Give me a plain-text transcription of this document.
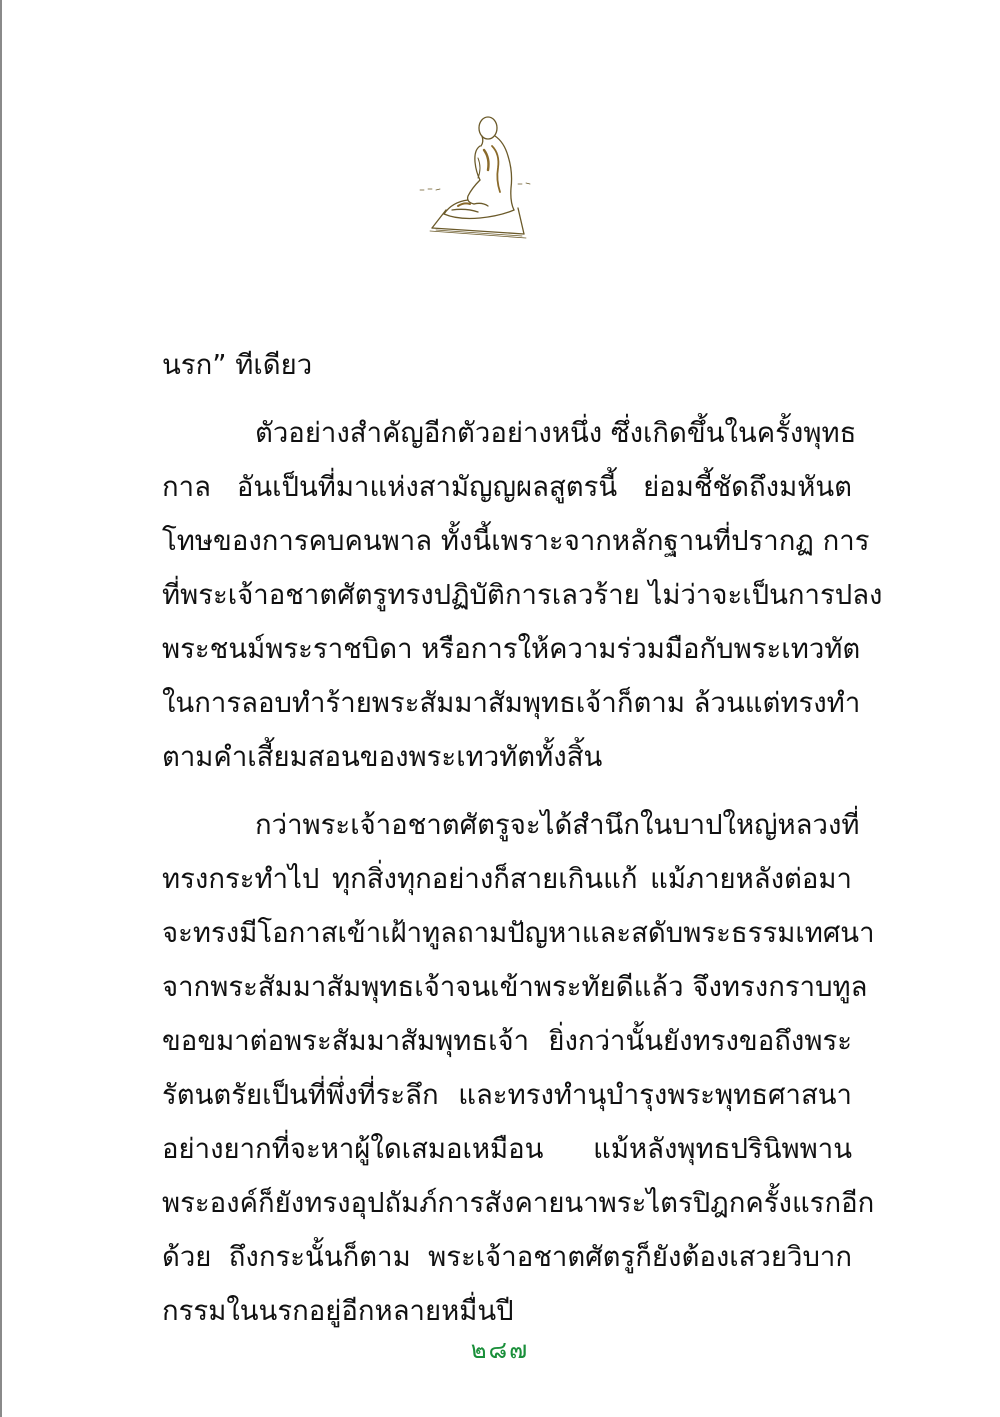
นรก” ทีเดียว
ตัวอย่างสำคัญอีกตัวอย่างหนึ่ง ซึ่งเกิดขึ้นในครั้งพุทธ
กาล อันเป็นที่มาแห่งสามัญญผลสูตรนี้ ย่อมชี้ชัดถึงมหันต
โทษของการคบคนพาล ทั้งนี้เพราะจากหลักฐานที่ปรากฏ การ
ที่พระเจ้าอชาตศัตรูทรงปฏิบัติการเลวร้าย ไม่ว่าจะเป็นการปลง
พระชนม์พระราชบิดา หรือการให้ความร่วมมือกับพระเทวทัต
ในการลอบทำร้ายพระสัมมาสัมพุทธเจ้าก็ตาม ล้วนแต่ทรงทำ
ตามคำเสี้ยมสอนของพระเทวทัตทั้งสิ้น
กว่าพระเจ้าอชาตศัตรูจะได้สำนึกในบาปใหญ่หลวงที่
ทรงกระทำไป ทุกสิ่งทุกอย่างก็สายเกินแก้ แม้ภายหลังต่อมา
จะทรงมีโอกาสเข้าเฝ้าทูลถามปัญหาและสดับพระธรรมเทศนา
จากพระสัมมาสัมพุทธเจ้าจนเข้าพระทัยดีแล้ว จึงทรงกราบทูล
ขอขมาต่อพระสัมมาสัมพุทธเจ้า ยิ่งกว่านั้นยังทรงขอถึงพระ
รัตนตรัยเป็นที่พึ่งที่ระลึก และทรงทำนุบำรุงพระพุทธศาสนา
อย่างยากที่จะหาผู้ใดเสมอเหมือน แม้หลังพุทธปรินิพพาน
พระองค์ก็ยังทรงอุปถัมภ์การสังคายนาพระไตรปิฎกครั้งแรกอีก
ด้วย ถึงกระนั้นก็ตาม พระเจ้าอชาตศัตรูก็ยังต้องเสวยวิบาก
กรรมในนรกอยู่อีกหลายหมื่นปี
๒๘๗
